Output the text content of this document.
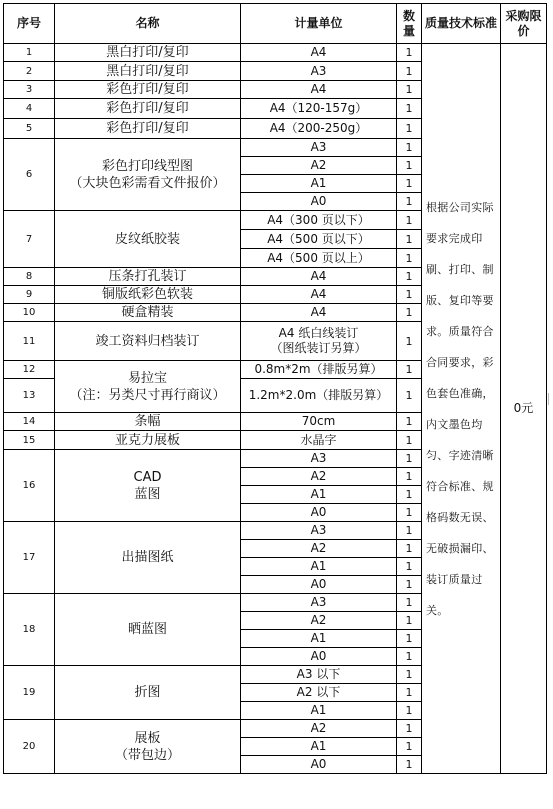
序号	名称	计量单位	数量	质量技术标准	采购限价
1	黑白打印/复印	A4	1	根据公司实际要求完成印刷、打印、制版、复印等要求。质量符合合同要求，彩色套色准确，内文墨色均匀、字迹清晰符合标准、规格码数无误、无破损漏印、装订质量过关。	0元
2	黑白打印/复印	A3	1		
3	彩色打印/复印	A4	1		
4	彩色打印/复印	A4（120-157g）	1		
5	彩色打印/复印	A4（200-250g）	1		
6	彩色打印线型图
（大块色彩需看文件报价）	A3	1		
		A2	1		
		A1	1		
		A0	1		
7	皮纹纸胶装	A4（300 页以下）	1		
		A4（500 页以下）	1		
		A4（500 页以上）	1		
8	压条打孔装订	A4	1		
9	铜版纸彩色软装	A4	1		
10	硬盒精装	A4	1		
11	竣工资料归档装订	A4 纸白线装订
（图纸装订另算）	1		
12	易拉宝
（注：另类尺寸再行商议）	0.8m*2m（排版另算）	1		
13		1.2m*2.0m（排版另算）	1		
14	条幅	70cm	1		
15	亚克力展板	水晶字	1		
16	CAD
蓝图	A3	1		
		A2	1		
		A1	1		
		A0	1		
17	出描图纸	A3	1		
		A2	1		
		A1	1		
		A0	1		
18	晒蓝图	A3	1		
		A2	1		
		A1	1		
		A0	1		
19	折图	A3 以下	1		
		A2 以下	1		
		A1	1		
20	展板
（带包边）	A2	1		
		A1	1		
		A0	1		
